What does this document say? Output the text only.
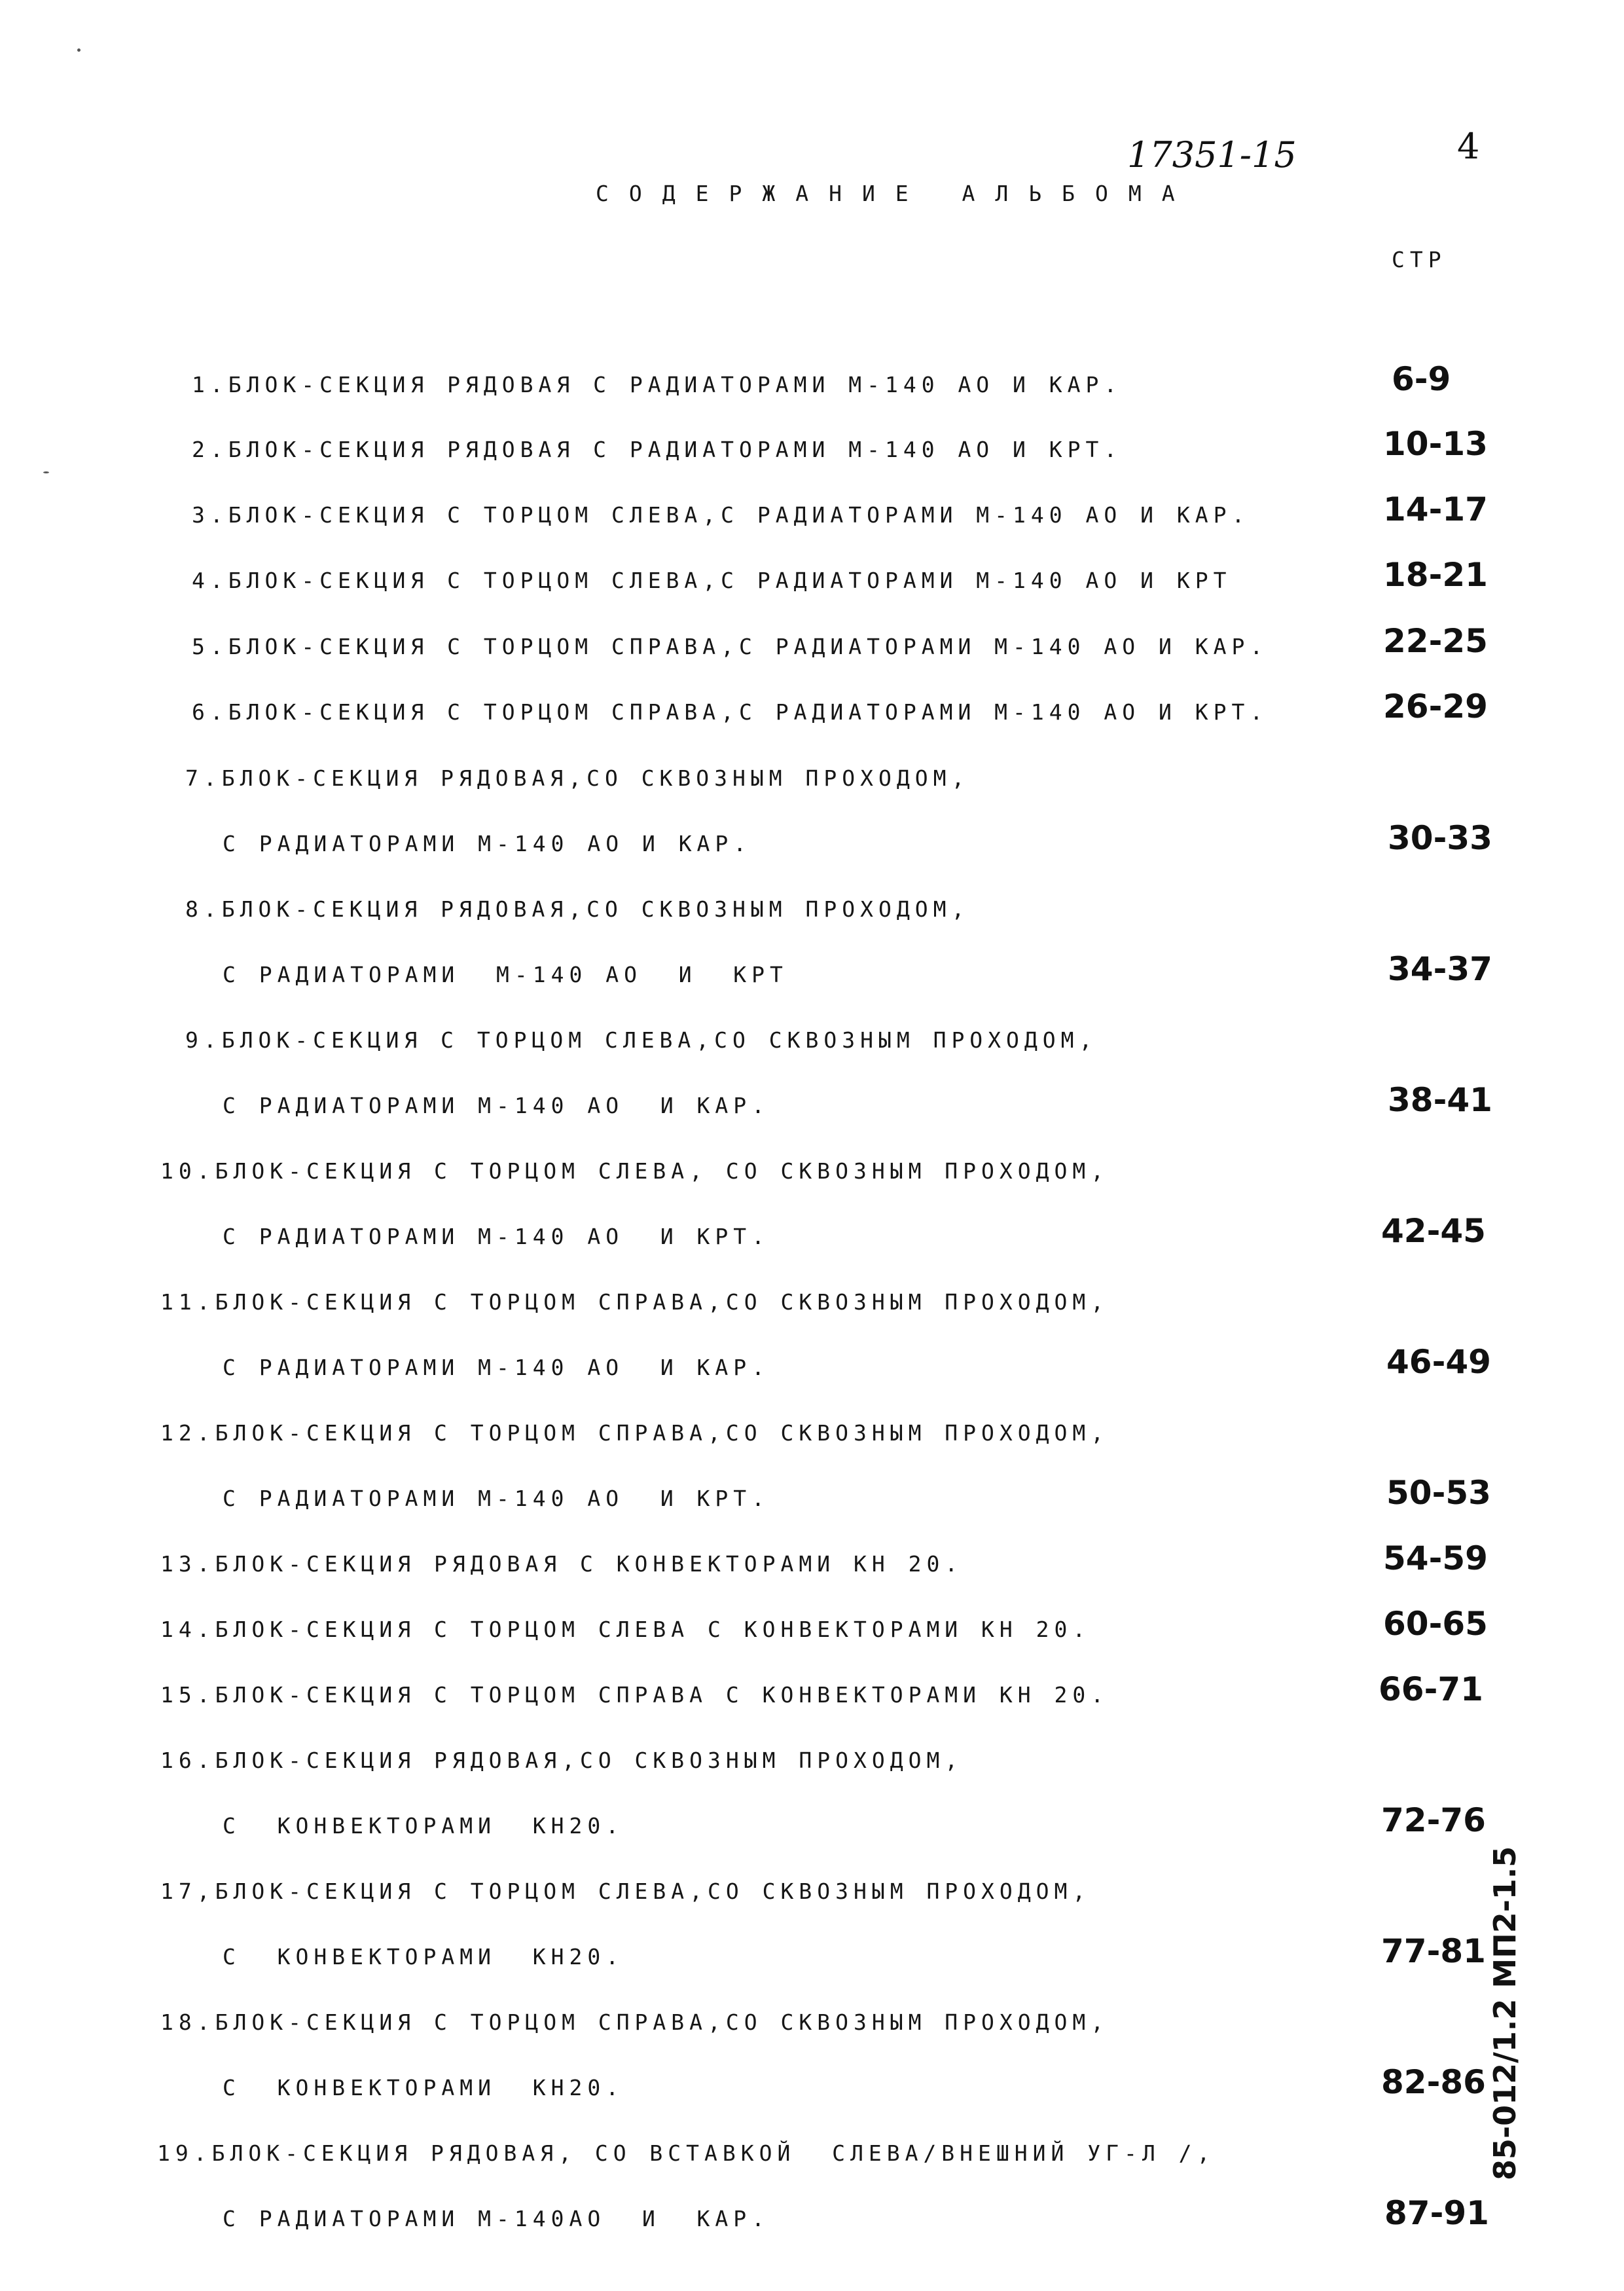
17351-15	4
СОДЕРЖАНИЕ АЛЬБОМА
СТР
1.БЛОК-СЕКЦИЯ РЯДОВАЯ С РАДИАТОРАМИ М-140 АО И КАР.	6-9
2.БЛОК-СЕКЦИЯ РЯДОВАЯ С РАДИАТОРАМИ М-140 АО И КРТ.	10-13
3.БЛОК-СЕКЦИЯ С ТОРЦОМ СЛЕВА,С РАДИАТОРАМИ М-140 АО И КАР.	14-17
4.БЛОК-СЕКЦИЯ С ТОРЦОМ СЛЕВА,С РАДИАТОРАМИ М-140 АО И КРТ	18-21
5.БЛОК-СЕКЦИЯ С ТОРЦОМ СПРАВА,С РАДИАТОРАМИ М-140 АО И КАР.	22-25
6.БЛОК-СЕКЦИЯ С ТОРЦОМ СПРАВА,С РАДИАТОРАМИ М-140 АО И КРТ.	26-29
7.БЛОК-СЕКЦИЯ РЯДОВАЯ,СО СКВОЗНЫМ ПРОХОДОМ,
С РАДИАТОРАМИ М-140 АО И КАР.	30-33
8.БЛОК-СЕКЦИЯ РЯДОВАЯ,СО СКВОЗНЫМ ПРОХОДОМ,
С РАДИАТОРАМИ  М-140 АО  И  КРТ	34-37
9.БЛОК-СЕКЦИЯ С ТОРЦОМ СЛЕВА,СО СКВОЗНЫМ ПРОХОДОМ,
С РАДИАТОРАМИ М-140 АО  И КАР.	38-41
10.БЛОК-СЕКЦИЯ С ТОРЦОМ СЛЕВА, СО СКВОЗНЫМ ПРОХОДОМ,
С РАДИАТОРАМИ М-140 АО  И КРТ.	42-45
11.БЛОК-СЕКЦИЯ С ТОРЦОМ СПРАВА,СО СКВОЗНЫМ ПРОХОДОМ,
С РАДИАТОРАМИ М-140 АО  И КАР.	46-49
12.БЛОК-СЕКЦИЯ С ТОРЦОМ СПРАВА,СО СКВОЗНЫМ ПРОХОДОМ,
С РАДИАТОРАМИ М-140 АО  И КРТ.	50-53
13.БЛОК-СЕКЦИЯ РЯДОВАЯ С КОНВЕКТОРАМИ КН 20.	54-59
14.БЛОК-СЕКЦИЯ С ТОРЦОМ СЛЕВА С КОНВЕКТОРАМИ КН 20.	60-65
15.БЛОК-СЕКЦИЯ С ТОРЦОМ СПРАВА С КОНВЕКТОРАМИ КН 20.	66-71
16.БЛОК-СЕКЦИЯ РЯДОВАЯ,СО СКВОЗНЫМ ПРОХОДОМ,
С  КОНВЕКТОРАМИ  КН20.	72-76
17,БЛОК-СЕКЦИЯ С ТОРЦОМ СЛЕВА,СО СКВОЗНЫМ ПРОХОДОМ,
С  КОНВЕКТОРАМИ  КН20.	77-81
18.БЛОК-СЕКЦИЯ С ТОРЦОМ СПРАВА,СО СКВОЗНЫМ ПРОХОДОМ,
С  КОНВЕКТОРАМИ  КН20.	82-86
19.БЛОК-СЕКЦИЯ РЯДОВАЯ, СО ВСТАВКОЙ  СЛЕВА/ВНЕШНИЙ УГ-Л /,
С РАДИАТОРАМИ М-140АО  И  КАР.	87-91
85-012/1.2 МП2-1.5
